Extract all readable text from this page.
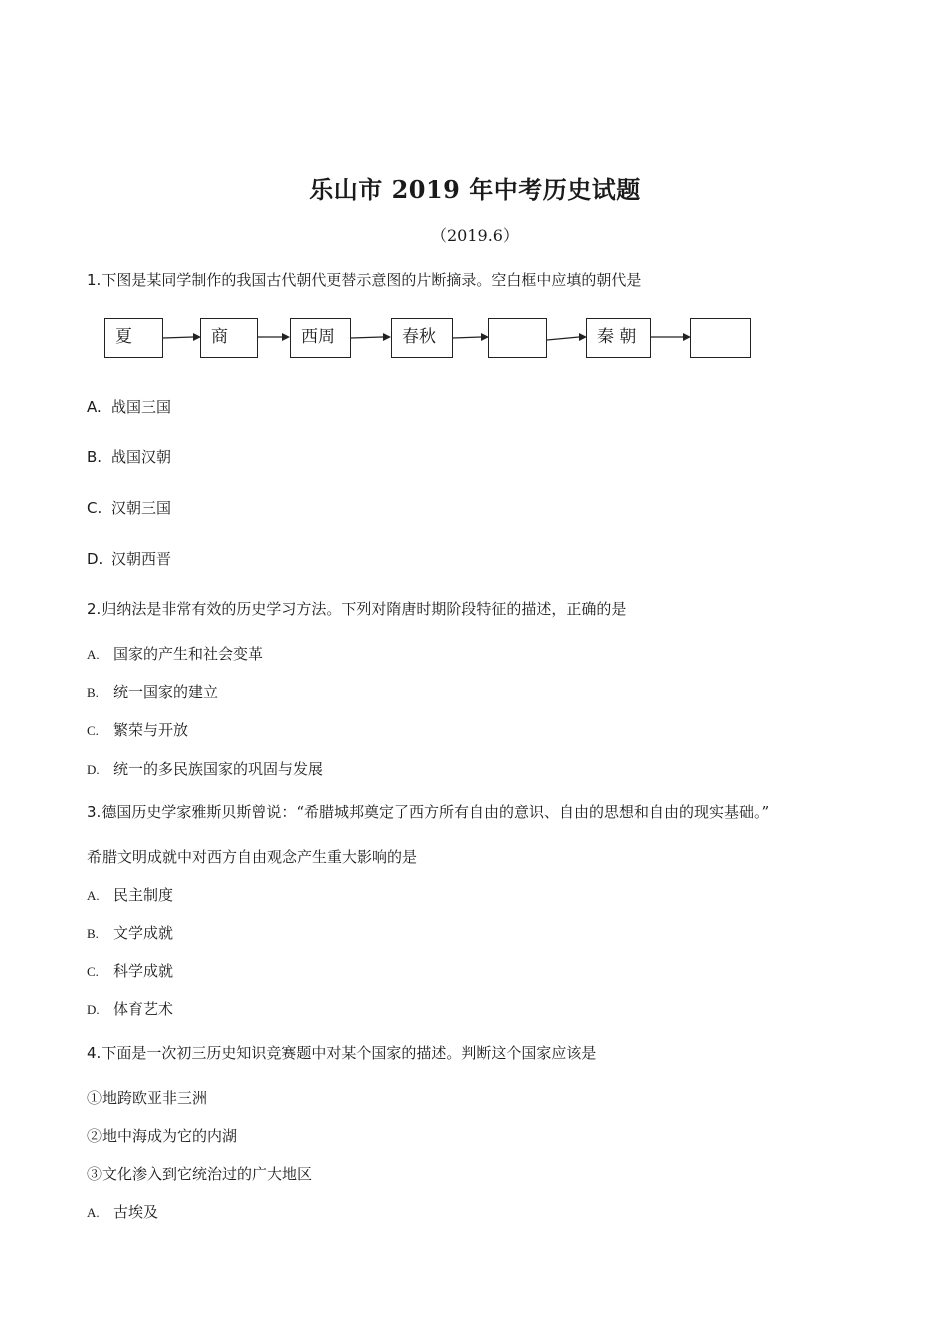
乐山市 2019 年中考历史试题
（2019.6）
1.下图是某同学制作的我国古代朝代更替示意图的片断摘录。空白框中应填的朝代是
夏	商	西周	春秋	秦 朝
A. 战国三国
B. 战国汉朝
C. 汉朝三国
D. 汉朝西晋
2.归纳法是非常有效的历史学习方法。下列对隋唐时期阶段特征的描述，正确的是
A. 国家的产生和社会变革
B. 统一国家的建立
C. 繁荣与开放
D. 统一的多民族国家的巩固与发展
3.德国历史学家雅斯贝斯曾说：“希腊城邦奠定了西方所有自由的意识、自由的思想和自由的现实基础。”
希腊文明成就中对西方自由观念产生重大影响的是
A. 民主制度
B. 文学成就
C. 科学成就
D. 体育艺术
4.下面是一次初三历史知识竞赛题中对某个国家的描述。判断这个国家应该是
①地跨欧亚非三洲
②地中海成为它的内湖
③文化渗入到它统治过的广大地区
A. 古埃及
